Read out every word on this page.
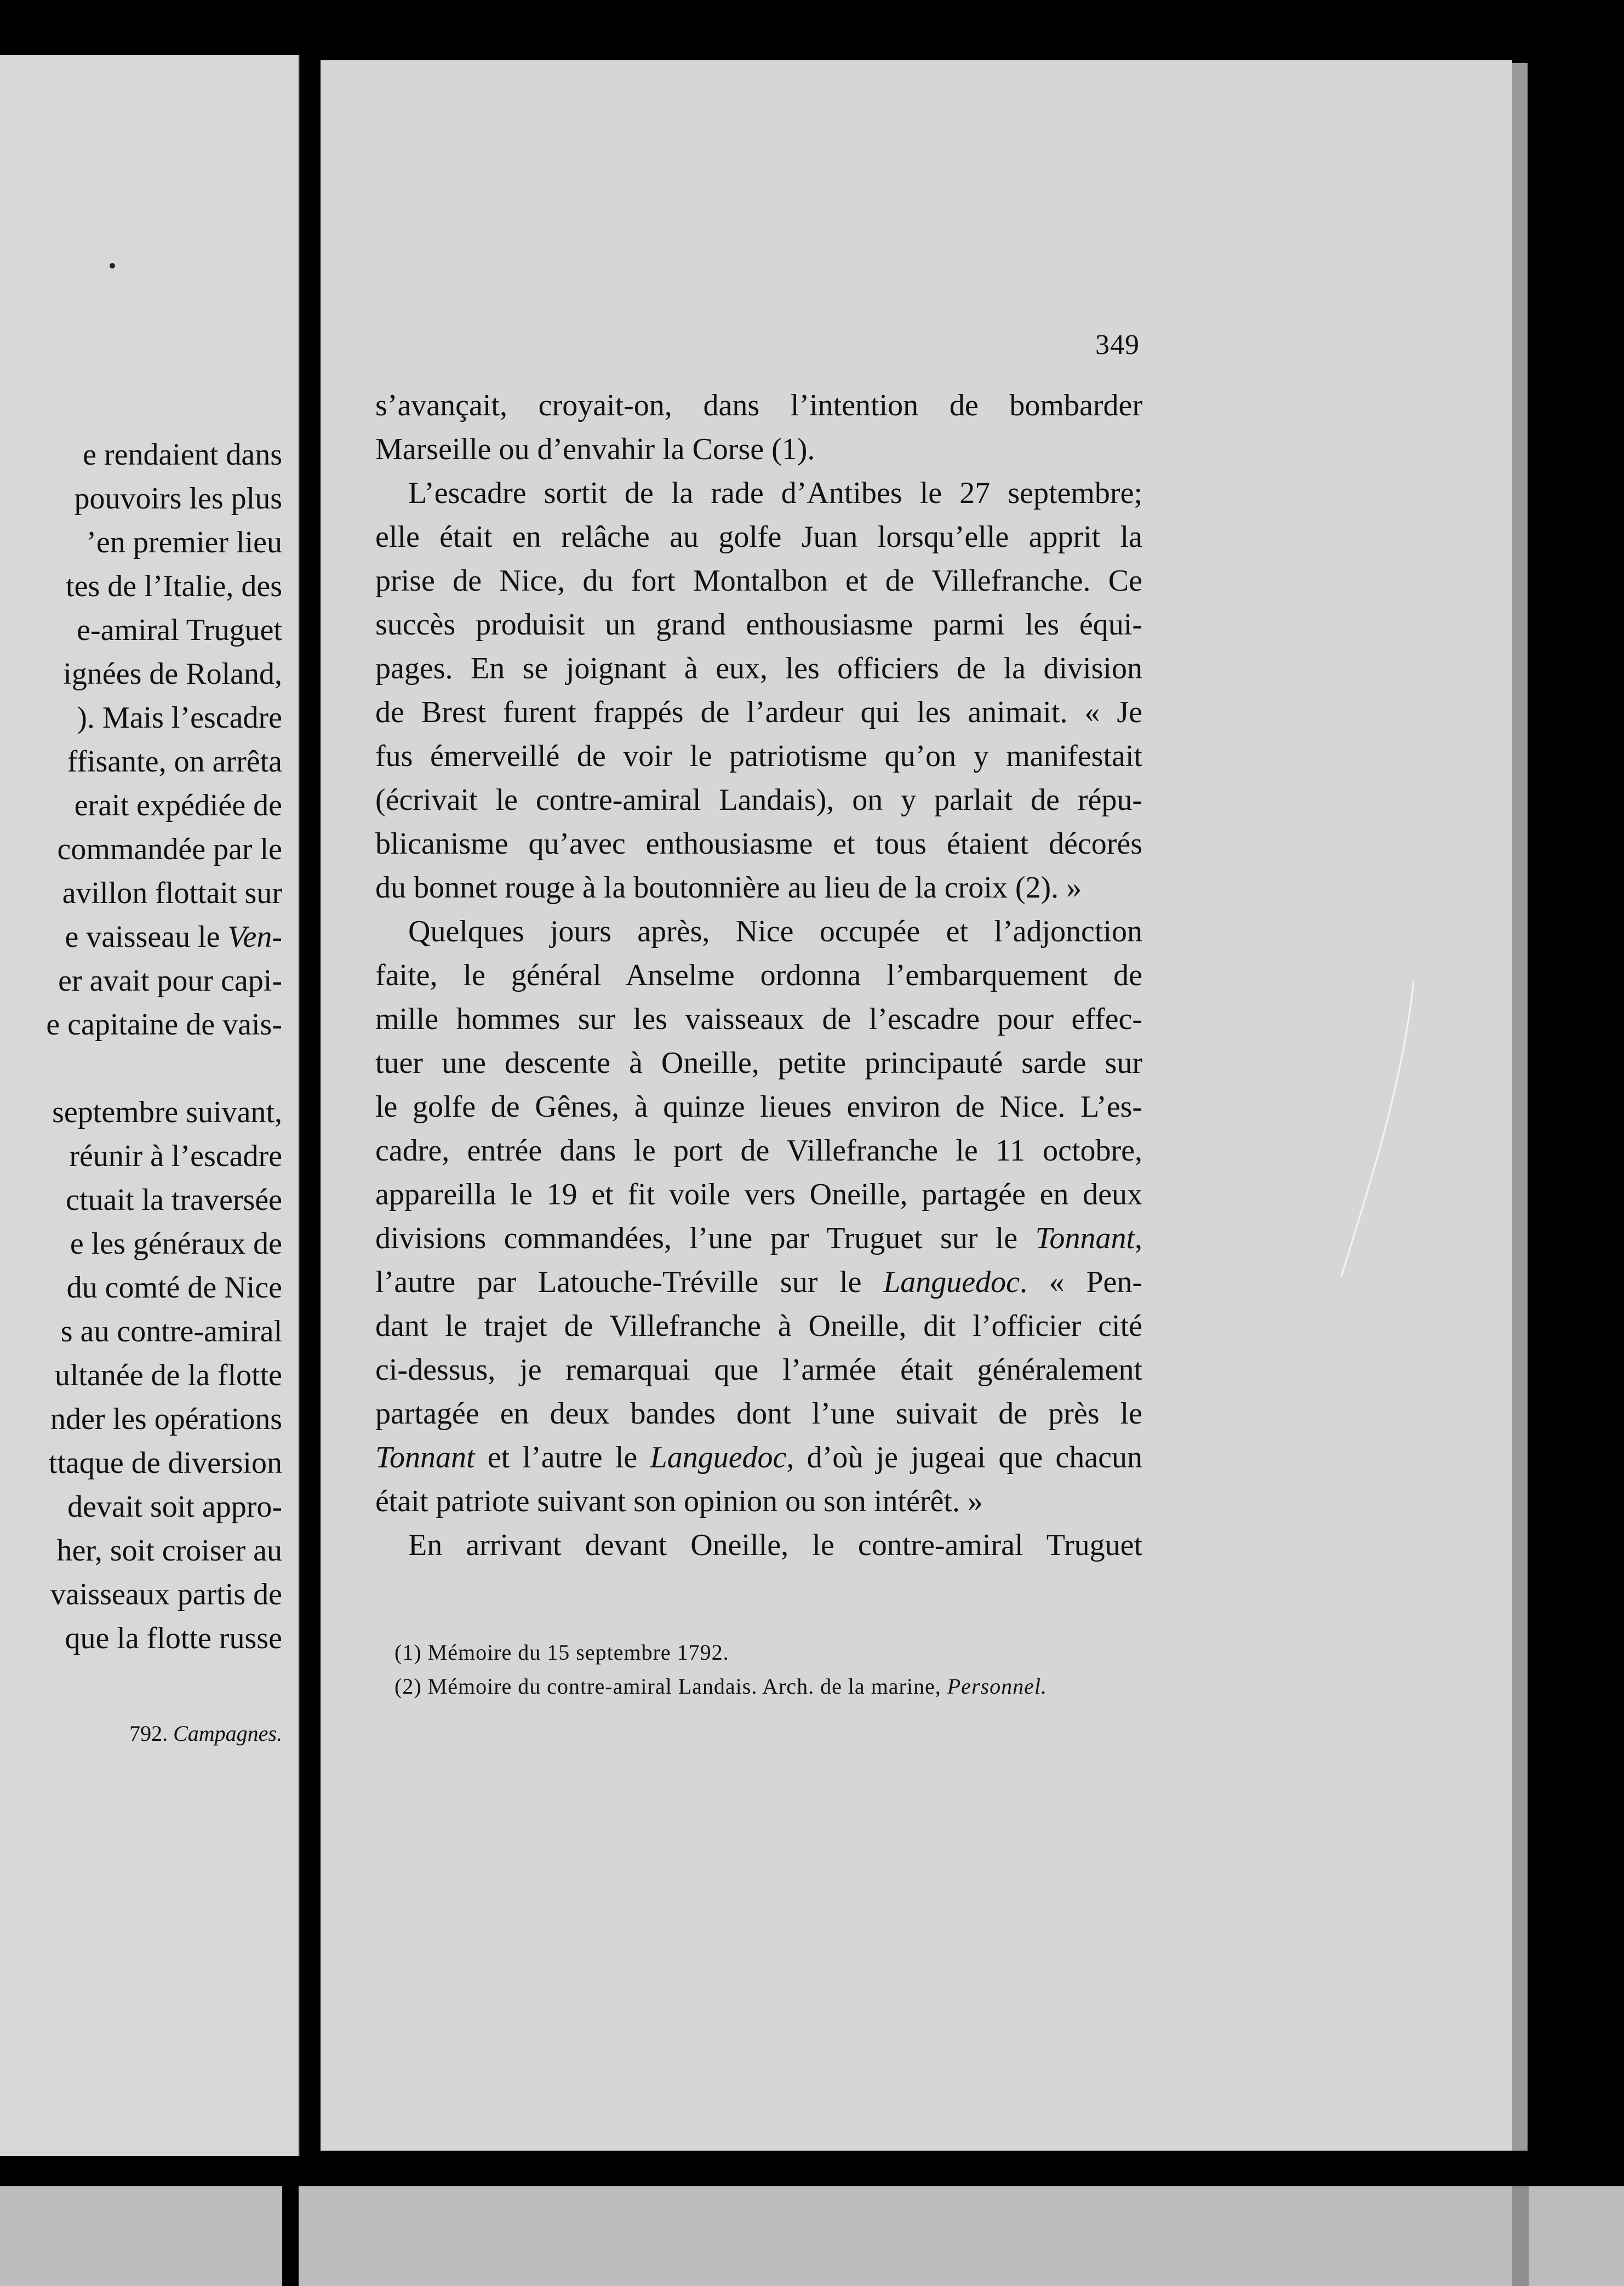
e rendaient dans
pouvoirs les plus
’en premier lieu
tes de l’Italie, des
e-amiral Truguet
ignées de Roland,
). Mais l’escadre
ffisante, on arrêta
erait expédiée de
commandée par le
avillon flottait sur
e vaisseau le Ven-
er avait pour capi-
e capitaine de vais-
septembre suivant,
réunir à l’escadre
ctuait la traversée
e les généraux de
du comté de Nice
s au contre-amiral
ultanée de la flotte
nder les opérations
ttaque de diversion
devait soit appro-
her, soit croiser au
vaisseaux partis de
que la flotte russe
792. Campagnes.
349
s’avançait, croyait-on, dans l’intention de bombarder
Marseille ou d’envahir la Corse (1).
L’escadre sortit de la rade d’Antibes le 27 septembre;
elle était en relâche au golfe Juan lorsqu’elle apprit la
prise de Nice, du fort Montalbon et de Villefranche. Ce
succès produisit un grand enthousiasme parmi les équi-
pages. En se joignant à eux, les officiers de la division
de Brest furent frappés de l’ardeur qui les animait. « Je
fus émerveillé de voir le patriotisme qu’on y manifestait
(écrivait le contre-amiral Landais), on y parlait de répu-
blicanisme qu’avec enthousiasme et tous étaient décorés
du bonnet rouge à la boutonnière au lieu de la croix (2). »
Quelques jours après, Nice occupée et l’adjonction
faite, le général Anselme ordonna l’embarquement de
mille hommes sur les vaisseaux de l’escadre pour effec-
tuer une descente à Oneille, petite principauté sarde sur
le golfe de Gênes, à quinze lieues environ de Nice. L’es-
cadre, entrée dans le port de Villefranche le 11 octobre,
appareilla le 19 et fit voile vers Oneille, partagée en deux
divisions commandées, l’une par Truguet sur le Tonnant,
l’autre par Latouche-Tréville sur le Languedoc. « Pen-
dant le trajet de Villefranche à Oneille, dit l’officier cité
ci-dessus, je remarquai que l’armée était généralement
partagée en deux bandes dont l’une suivait de près le
Tonnant et l’autre le Languedoc, d’où je jugeai que chacun
était patriote suivant son opinion ou son intérêt. »
En arrivant devant Oneille, le contre-amiral Truguet
(1) Mémoire du 15 septembre 1792.
(2) Mémoire du contre-amiral Landais. Arch. de la marine, Personnel.
